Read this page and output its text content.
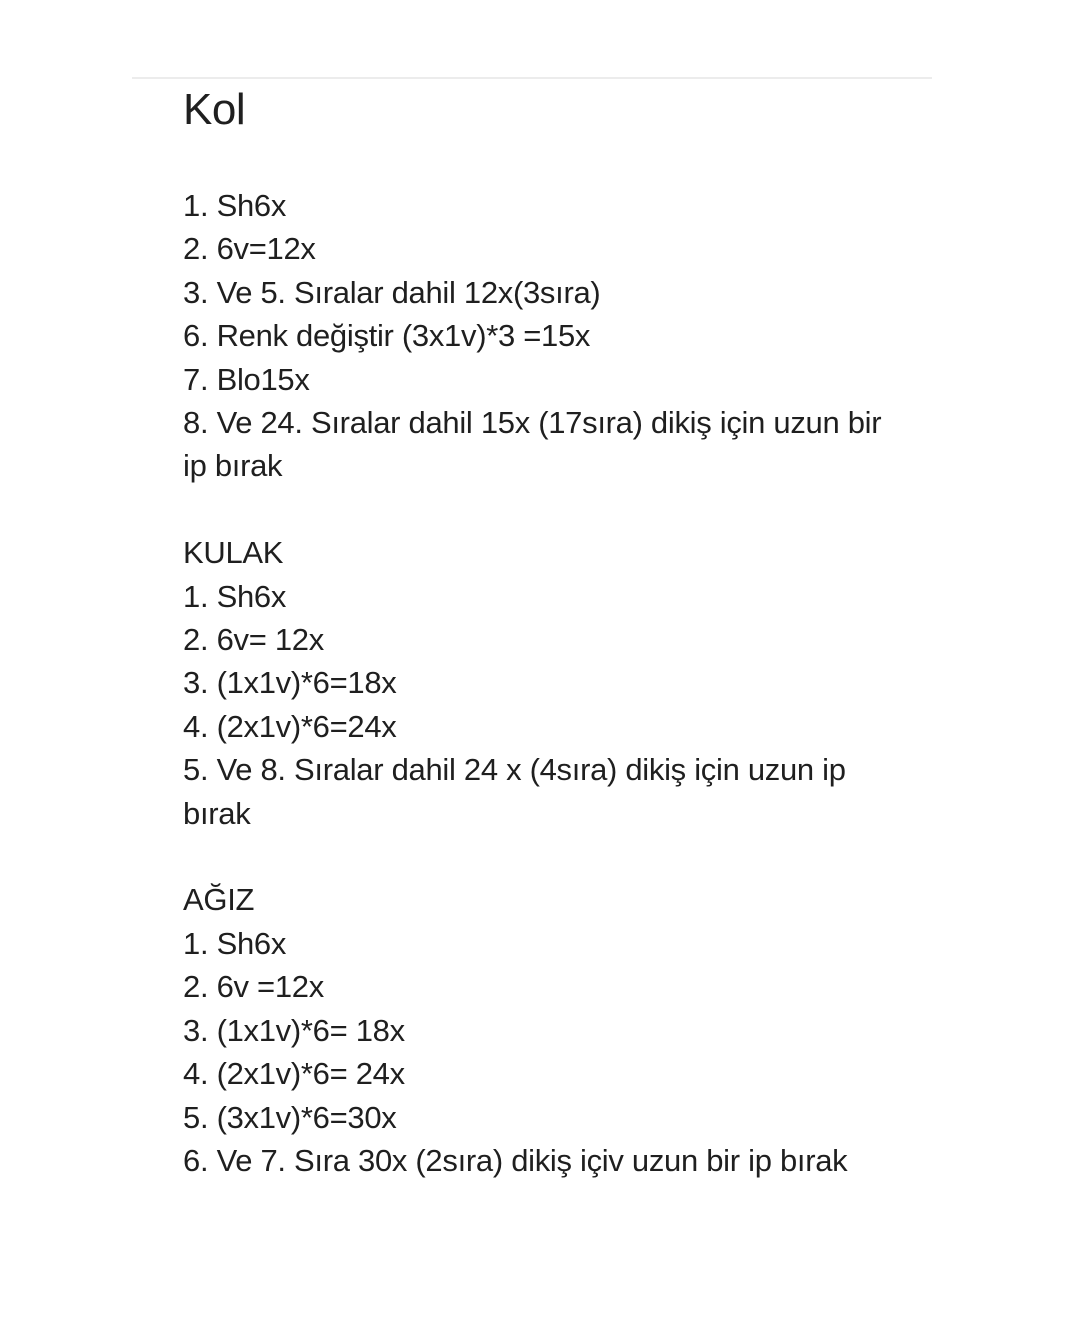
Kol
1. Sh6x
2. 6v=12x
3. Ve 5. Sıralar dahil 12x(3sıra)
6. Renk değiştir (3x1v)*3 =15x
7. Blo15x
8. Ve 24. Sıralar dahil 15x (17sıra) dikiş için uzun bir ip bırak
KULAK
1. Sh6x
2. 6v= 12x
3. (1x1v)*6=18x
4. (2x1v)*6=24x
5. Ve 8. Sıralar dahil 24 x (4sıra) dikiş için uzun ip bırak
AĞIZ
1. Sh6x
2. 6v =12x
3. (1x1v)*6= 18x
4. (2x1v)*6= 24x
5. (3x1v)*6=30x
6. Ve 7. Sıra 30x (2sıra) dikiş içiv uzun bir ip bırak
